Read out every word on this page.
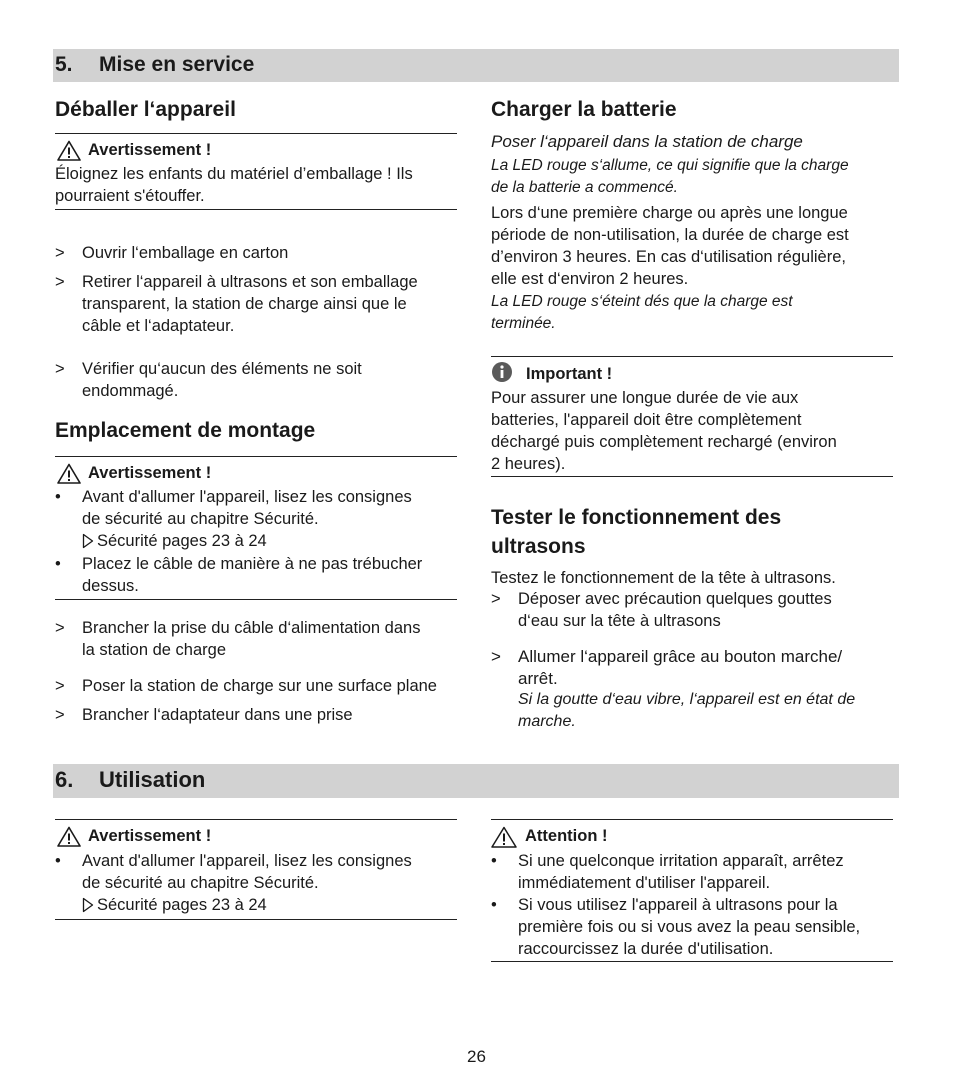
5. Mise en service
Déballer l‘appareil
Avertissement !
Éloignez les enfants du matériel d’emballage ! Ils
pourraient s'étouffer.
> Ouvrir l‘emballage en carton
> Retirer l‘appareil à ultrasons et son emballage
transparent, la station de charge ainsi que le
câble et l‘adaptateur.
> Vérifier qu‘aucun des éléments ne soit
endommagé.
Emplacement de montage
Avertissement !
• Avant d'allumer l'appareil, lisez les consignes
de sécurité au chapitre Sécurité.
Sécurité pages 23 à 24
• Placez le câble de manière à ne pas trébucher
dessus.
> Brancher la prise du câble d‘alimentation dans
la station de charge
> Poser la station de charge sur une surface plane
> Brancher l‘adaptateur dans une prise
Charger la batterie
Poser l‘appareil dans la station de charge
La LED rouge s‘allume, ce qui signifie que la charge
de la batterie a commencé.
Lors d‘une première charge ou après une longue
période de non-utilisation, la durée de charge est
d’environ 3 heures. En cas d‘utilisation régulière,
elle est d‘environ 2 heures.
La LED rouge s‘éteint dés que la charge est
terminée.
Important !
Pour assurer une longue durée de vie aux
batteries, l'appareil doit être complètement
déchargé puis complètement rechargé (environ
2 heures).
Tester le fonctionnement des
ultrasons
Testez le fonctionnement de la tête à ultrasons.
> Déposer avec précaution quelques gouttes
d‘eau sur la tête à ultrasons
> Allumer l‘appareil grâce au bouton marche/
arrêt.
Si la goutte d‘eau vibre, l‘appareil est en état de
marche.
6. Utilisation
Avertissement !
• Avant d'allumer l'appareil, lisez les consignes
de sécurité au chapitre Sécurité.
Sécurité pages 23 à 24
Attention !
• Si une quelconque irritation apparaît, arrêtez
immédiatement d'utiliser l'appareil.
• Si vous utilisez l'appareil à ultrasons pour la
première fois ou si vous avez la peau sensible,
raccourcissez la durée d'utilisation.
26
